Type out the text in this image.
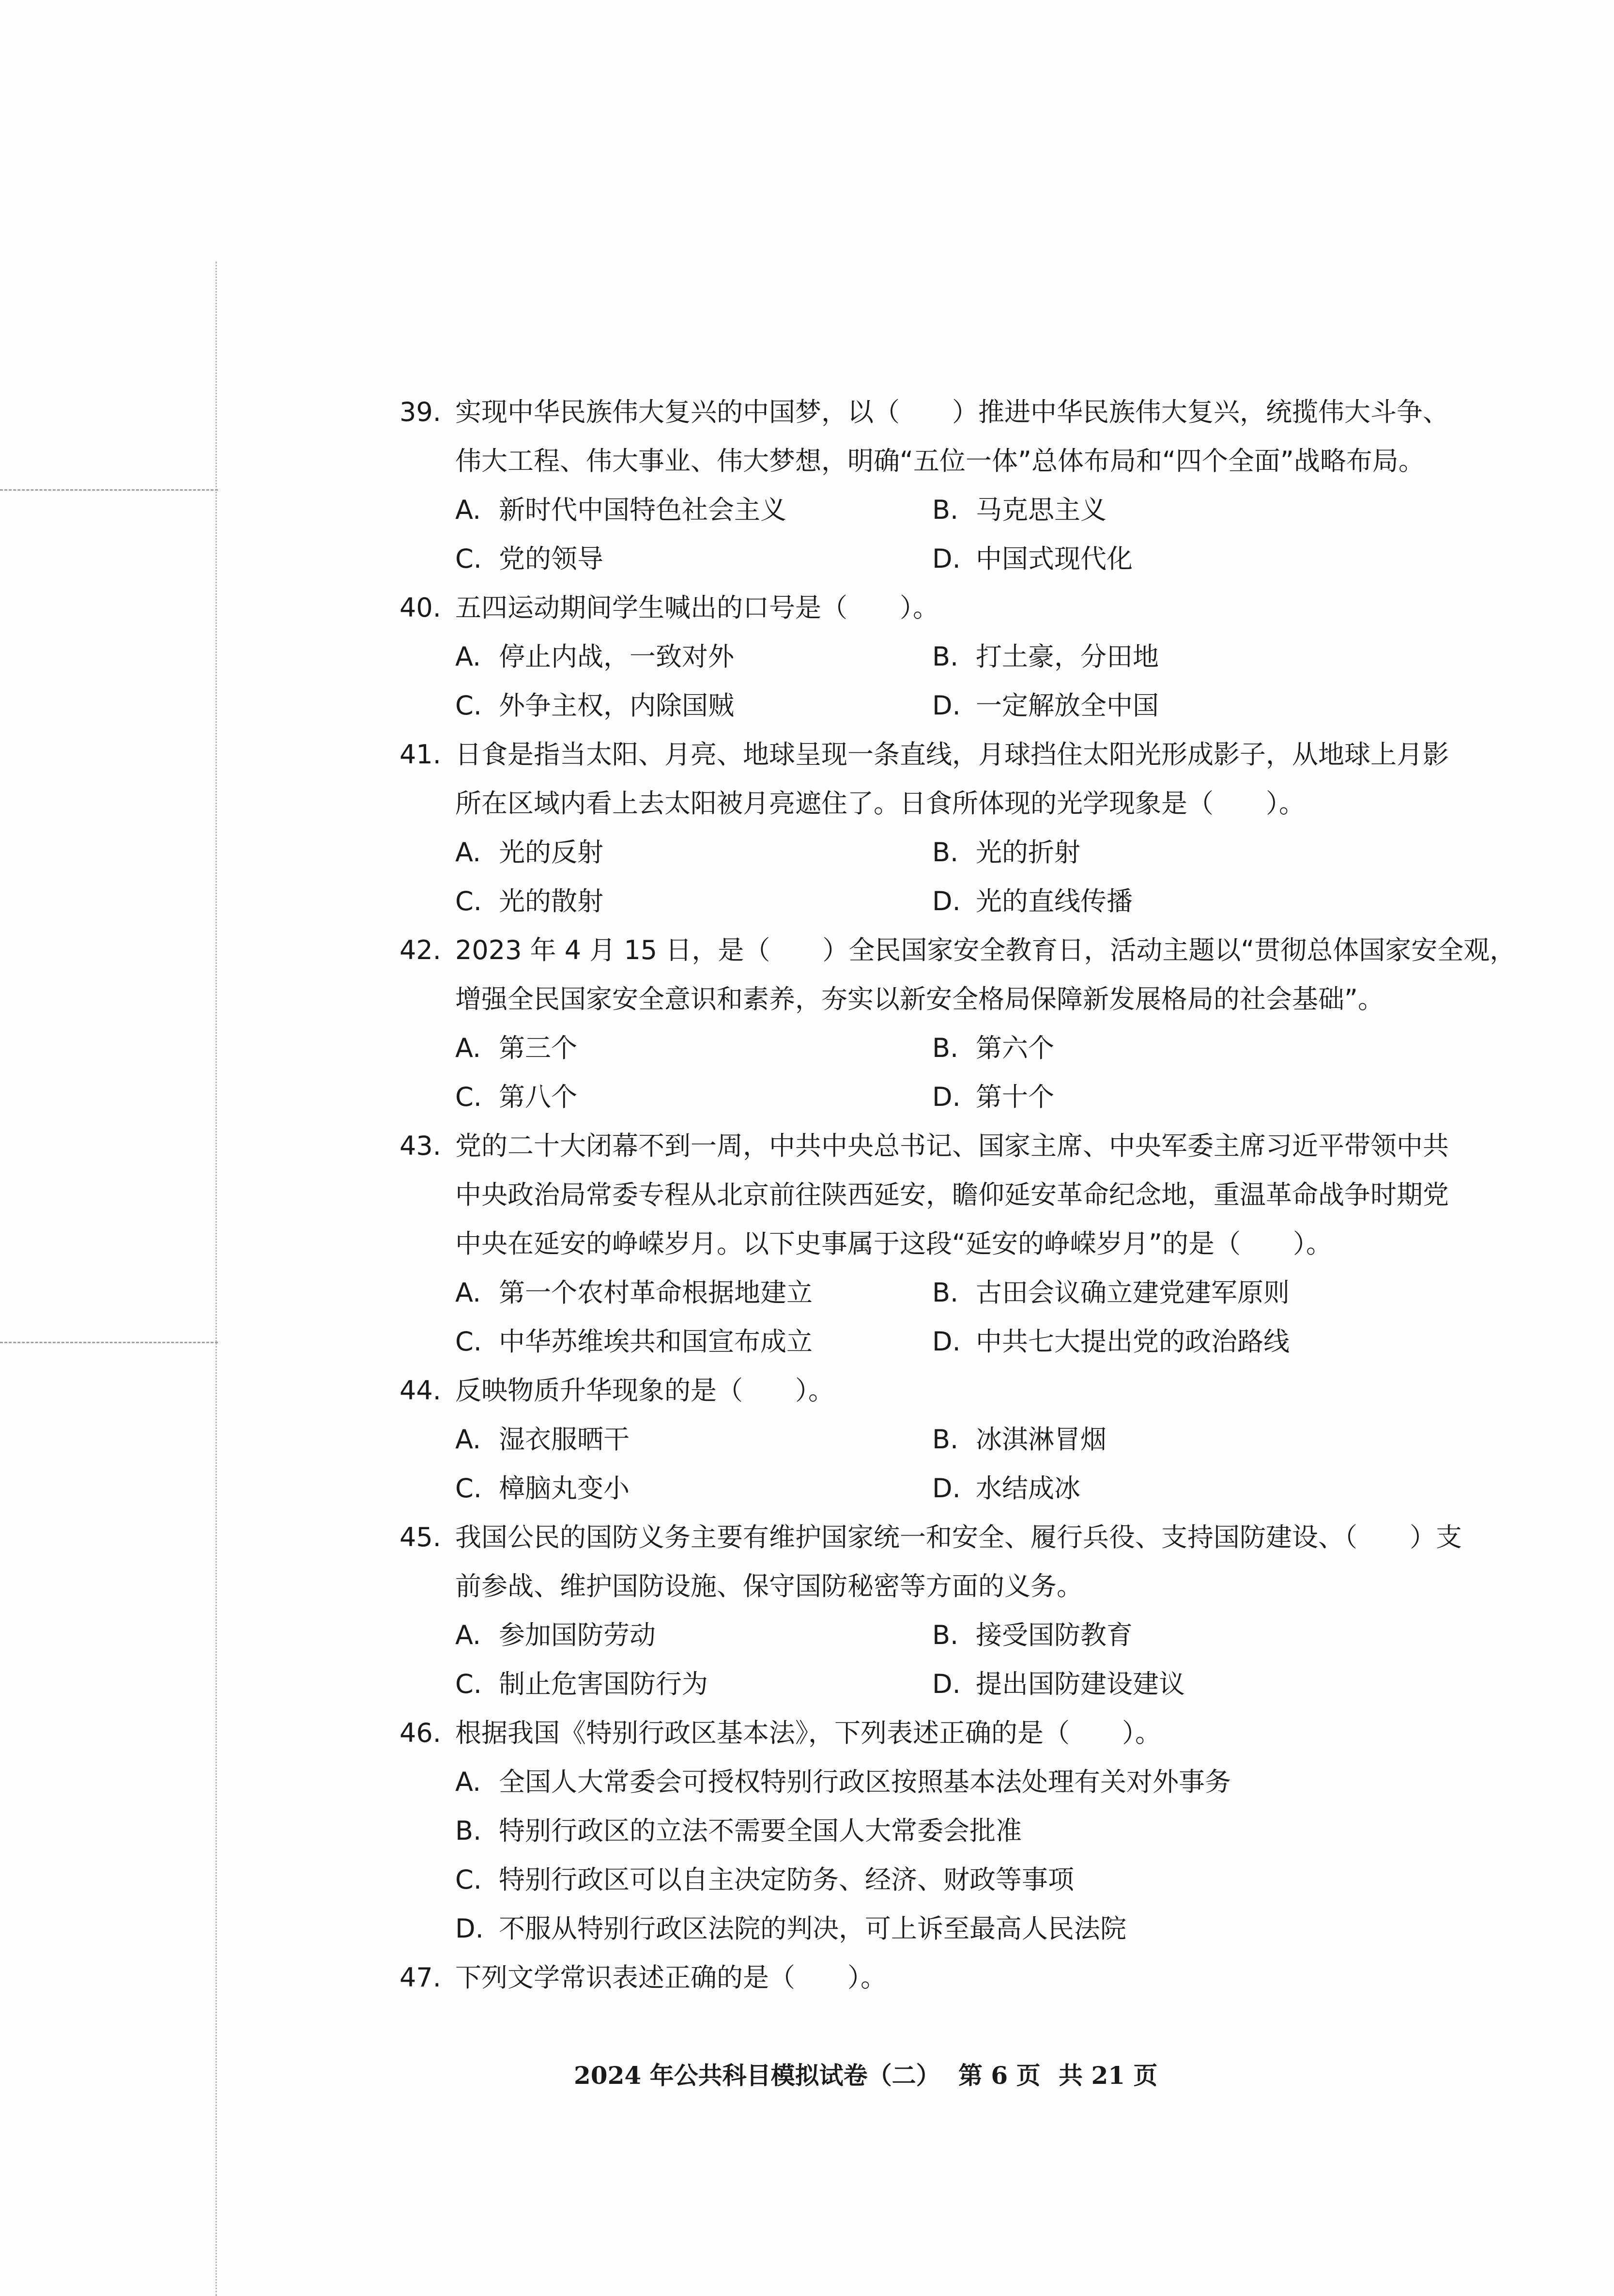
39. 实现中华民族伟大复兴的中国梦，以（　　）推进中华民族伟大复兴，统揽伟大斗争、
伟大工程、伟大事业、伟大梦想，明确“五位一体”总体布局和“四个全面”战略布局。
A. 新时代中国特色社会主义	B. 马克思主义
C. 党的领导	D. 中国式现代化
40. 五四运动期间学生喊出的口号是（　　）。
A. 停止内战，一致对外	B. 打土豪，分田地
C. 外争主权，内除国贼	D. 一定解放全中国
41. 日食是指当太阳、月亮、地球呈现一条直线，月球挡住太阳光形成影子，从地球上月影
所在区域内看上去太阳被月亮遮住了。日食所体现的光学现象是（　　）。
A. 光的反射	B. 光的折射
C. 光的散射	D. 光的直线传播
42. 2023 年 4 月 15 日，是（　　）全民国家安全教育日，活动主题以“贯彻总体国家安全观，
增强全民国家安全意识和素养，夯实以新安全格局保障新发展格局的社会基础”。
A. 第三个	B. 第六个
C. 第八个	D. 第十个
43. 党的二十大闭幕不到一周，中共中央总书记、国家主席、中央军委主席习近平带领中共
中央政治局常委专程从北京前往陕西延安，瞻仰延安革命纪念地，重温革命战争时期党
中央在延安的峥嵘岁月。以下史事属于这段“延安的峥嵘岁月”的是（　　）。
A. 第一个农村革命根据地建立	B. 古田会议确立建党建军原则
C. 中华苏维埃共和国宣布成立	D. 中共七大提出党的政治路线
44. 反映物质升华现象的是（　　）。
A. 湿衣服晒干	B. 冰淇淋冒烟
C. 樟脑丸变小	D. 水结成冰
45. 我国公民的国防义务主要有维护国家统一和安全、履行兵役、支持国防建设、（　　）支
前参战、维护国防设施、保守国防秘密等方面的义务。
A. 参加国防劳动	B. 接受国防教育
C. 制止危害国防行为	D. 提出国防建设建议
46. 根据我国《特别行政区基本法》，下列表述正确的是（　　）。
A. 全国人大常委会可授权特别行政区按照基本法处理有关对外事务
B. 特别行政区的立法不需要全国人大常委会批准
C. 特别行政区可以自主决定防务、经济、财政等事项
D. 不服从特别行政区法院的判决，可上诉至最高人民法院
47. 下列文学常识表述正确的是（　　）。
2024 年公共科目模拟试卷（二） 第 6 页 共 21 页
